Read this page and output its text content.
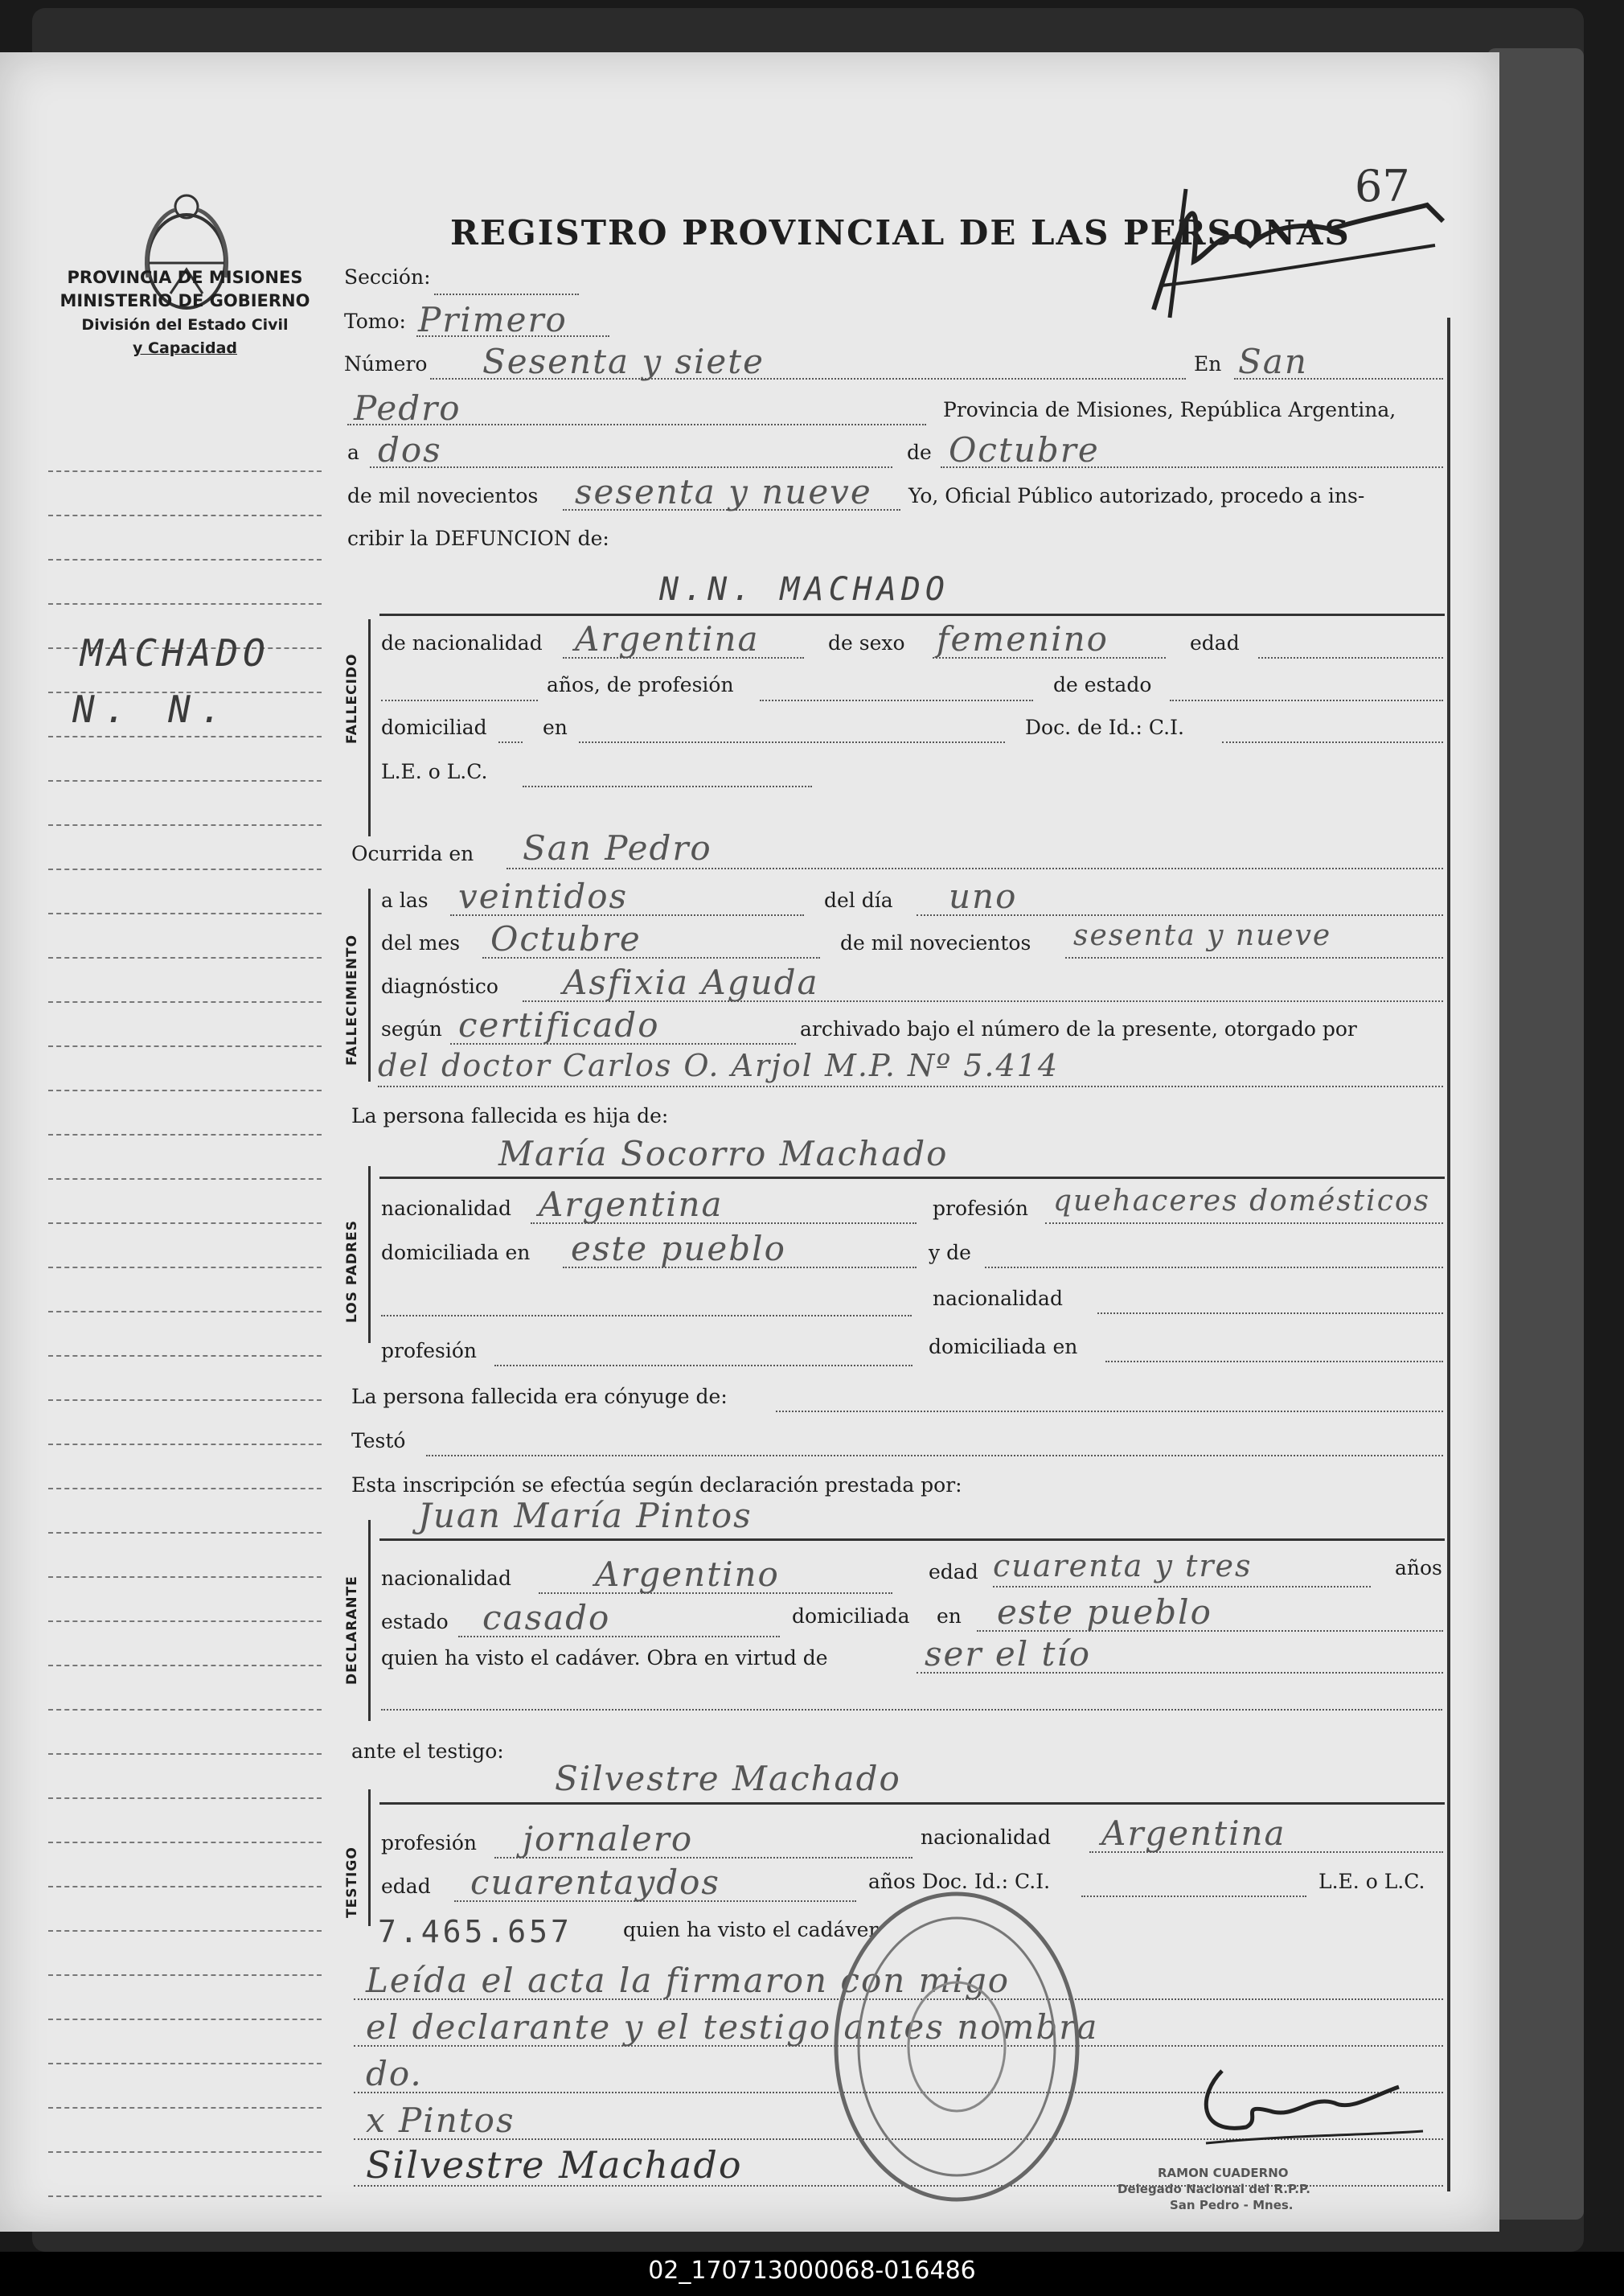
67
REGISTRO PROVINCIAL DE LAS PERSONAS
PROVINCIA DE MISIONES
MINISTERIO DE GOBIERNO
División del Estado Civil
y Capacidad
MACHADO
N. N.
Sección:
Tomo: Primero
Número Sesenta y siete	En San
Pedro	Provincia de Misiones, República Argentina,
a dos	de Octubre
de mil novecientos sesenta y nueve Yo, Oficial Público autorizado, procedo a ins-
cribir la DEFUNCION de:
FALLECIDO
N.N. MACHADO
de nacionalidad Argentina	de sexo femenino	edad
años, de profesión	de estado
domiciliad	en	Doc. de Id.: C.I.
L.E. o L.C.
Ocurrida en San Pedro
FALLECIMIENTO
a las veintidos	del día uno
del mes Octubre	de mil novecientos sesenta y nueve
diagnóstico Asfixia Aguda
según certificado	archivado bajo el número de la presente, otorgado por
del doctor Carlos O. Arjol M.P. Nº 5.414
La persona fallecida es hija de:
LOS PADRES
María Socorro Machado
nacionalidad Argentina	profesión quehaceres domésticos
domiciliada en este pueblo	y de
nacionalidad
profesión	domiciliada en
La persona fallecida era cónyuge de:
Testó
Esta inscripción se efectúa según declaración prestada por:
DECLARANTE
Juan María Pintos
nacionalidad Argentino	edad cuarenta y tres	años
estado casado	domiciliada en este pueblo
quien ha visto el cadáver. Obra en virtud de	ser el tío
ante el testigo:
TESTIGO
Silvestre Machado
profesión jornalero	nacionalidad Argentina
edad cuarentaydos	años Doc. Id.: C.I.	L.E. o L.C.
7.465.657	quien ha visto el cadáver
Leída el acta la firmaron con migo
el declarante y el testigo antes nombra
do.
x Pintos
Silvestre Machado	RAMON CUADERNO
Delegado Nacional del R.P.P.
San Pedro - Mnes.
02_170713000068-016486
